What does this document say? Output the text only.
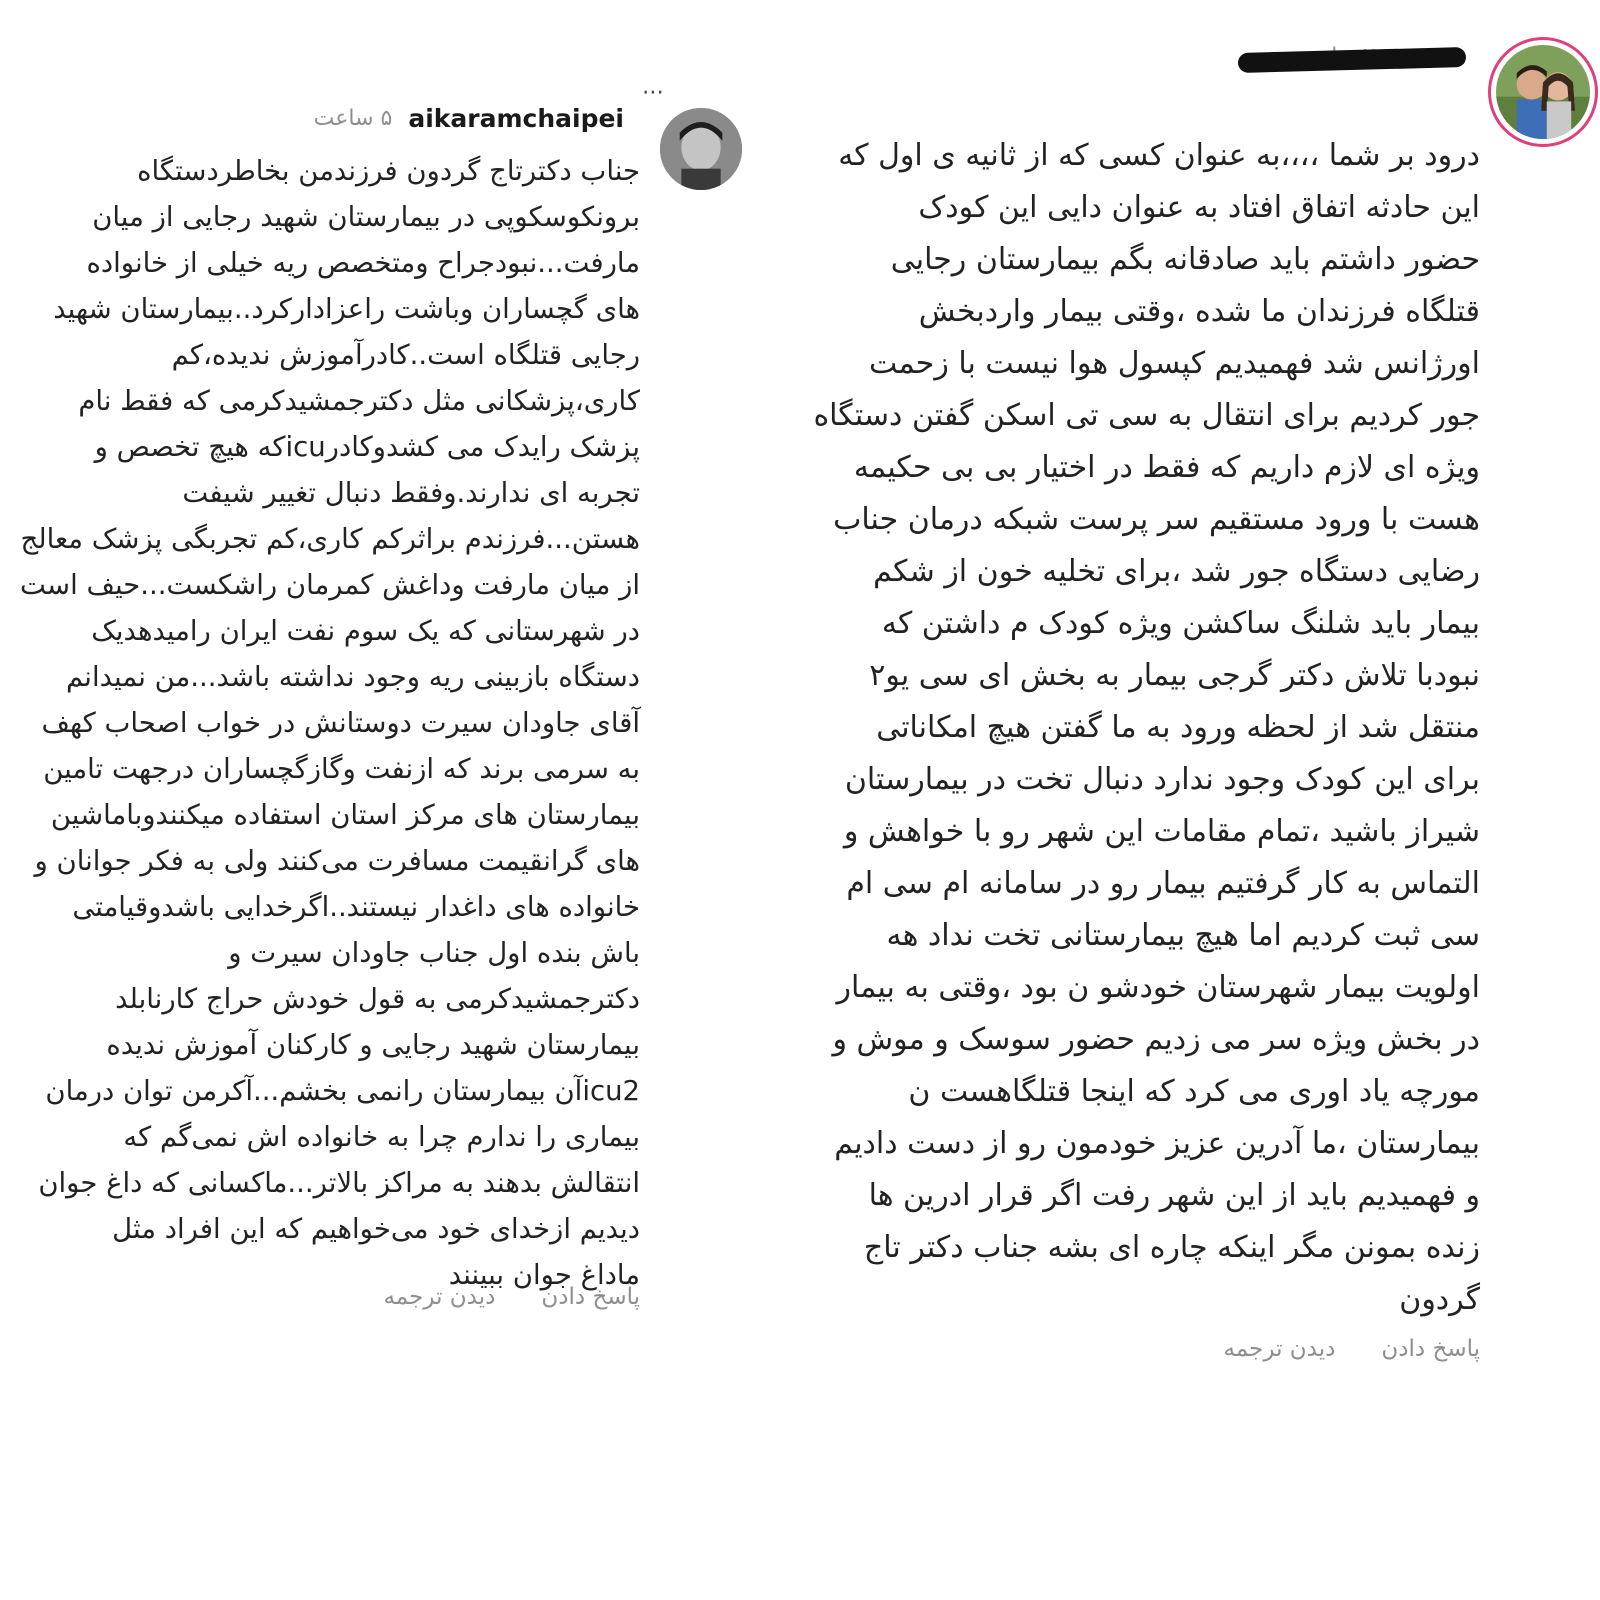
درود بر شما ،،،،به عنوان کسی که از ثانیه ی اول که
این حادثه اتفاق افتاد به عنوان دایی این کودک
حضور داشتم باید صادقانه بگم بیمارستان رجایی
قتلگاه فرزندان ما شده ،وقتی بیمار واردبخش
اورژانس شد فهمیدیم کپسول هوا نیست با زحمت
جور کردیم برای انتقال به سی تی اسکن گفتن دستگاه
ویژه ای لازم داریم که فقط در اختیار بی بی حکیمه
هست با ورود مستقیم سر پرست شبکه درمان جناب
رضایی دستگاه جور شد ،برای تخلیه خون از شکم
بیمار باید شلنگ ساکشن ویژه کودک م داشتن که
نبودبا تلاش دکتر گرجی بیمار به بخش ای سی یو۲
منتقل شد از لحظه ورود به ما گفتن هیچ امکاناتی
برای این کودک وجود ندارد دنبال تخت در بیمارستان
شیراز باشید ،تمام مقامات این شهر رو با خواهش و
التماس به کار گرفتیم بیمار رو در سامانه ام سی ام
سی ثبت کردیم اما هیچ بیمارستانی تخت نداد هه
اولویت بیمار شهرستان خودشو ن بود ،وقتی به بیمار
در بخش ویژه سر می زدیم حضور سوسک و موش و
مورچه یاد اوری می کرد که اینجا قتلگاهست ن
بیمارستان ،ما آدرین عزیز خودمون رو از دست دادیم
و فهمیدیم باید از این شهر رفت اگر قرار ادرین ها
زنده بمونن مگر اینکه چاره ای بشه جناب دکتر تاج
گردون

پاسخ دادن
دیدن ترجمه
⋯
aikaramchaipei
۵ ساعت

جناب دکترتاج گردون فرزندمن بخاطردستگاه
برونکوسکوپی در بیمارستان شهید رجایی از میان
مارفت...نبودجراح ومتخصص ریه خیلی از خانواده
های گچساران وباشت راعزادارکرد..بیمارستان شهید
رجایی قتلگاه است..کادرآموزش ندیده،کم
کاری،پزشکانی مثل دکترجمشیدکرمی که فقط نام
پزشک رایدک می کشدوکادرicuکه هیچ تخصص و
تجربه ای ندارند.وفقط دنبال تغییر شیفت
هستن...فرزندم براثرکم کاری،کم تجربگی پزشک معالج
از میان مارفت وداغش کمرمان راشکست...حیف است
در شهرستانی که یک سوم نفت ایران رامیدهدیک
دستگاه بازبینی ریه وجود نداشته باشد...من نمیدانم
آقای جاودان سیرت دوستانش در خواب اصحاب کهف
به سرمی برند که ازنفت وگازگچساران درجهت تامین
بیمارستان های مرکز استان استفاده میکنندوباماشین
های گرانقیمت مسافرت می‌کنند ولی به فکر جوانان و
خانواده های داغدار نیستند..اگرخدایی باشدوقیامتی
باش بنده اول جناب جاودان سیرت و
دکترجمشیدکرمی به قول خودش حراج کارنابلد
بیمارستان شهید رجایی و کارکنان آموزش ندیده
icu2آن بیمارستان رانمی بخشم...آکرمن توان درمان
بیماری را ندارم چرا به خانواده اش نمی‌گم که
انتقالش بدهند به مراکز بالاتر...ماکسانی که داغ جوان
دیدیم ازخدای خود می‌خواهیم که این افراد مثل
ماداغ جوان ببینند

پاسخ دادن
دیدن ترجمه
